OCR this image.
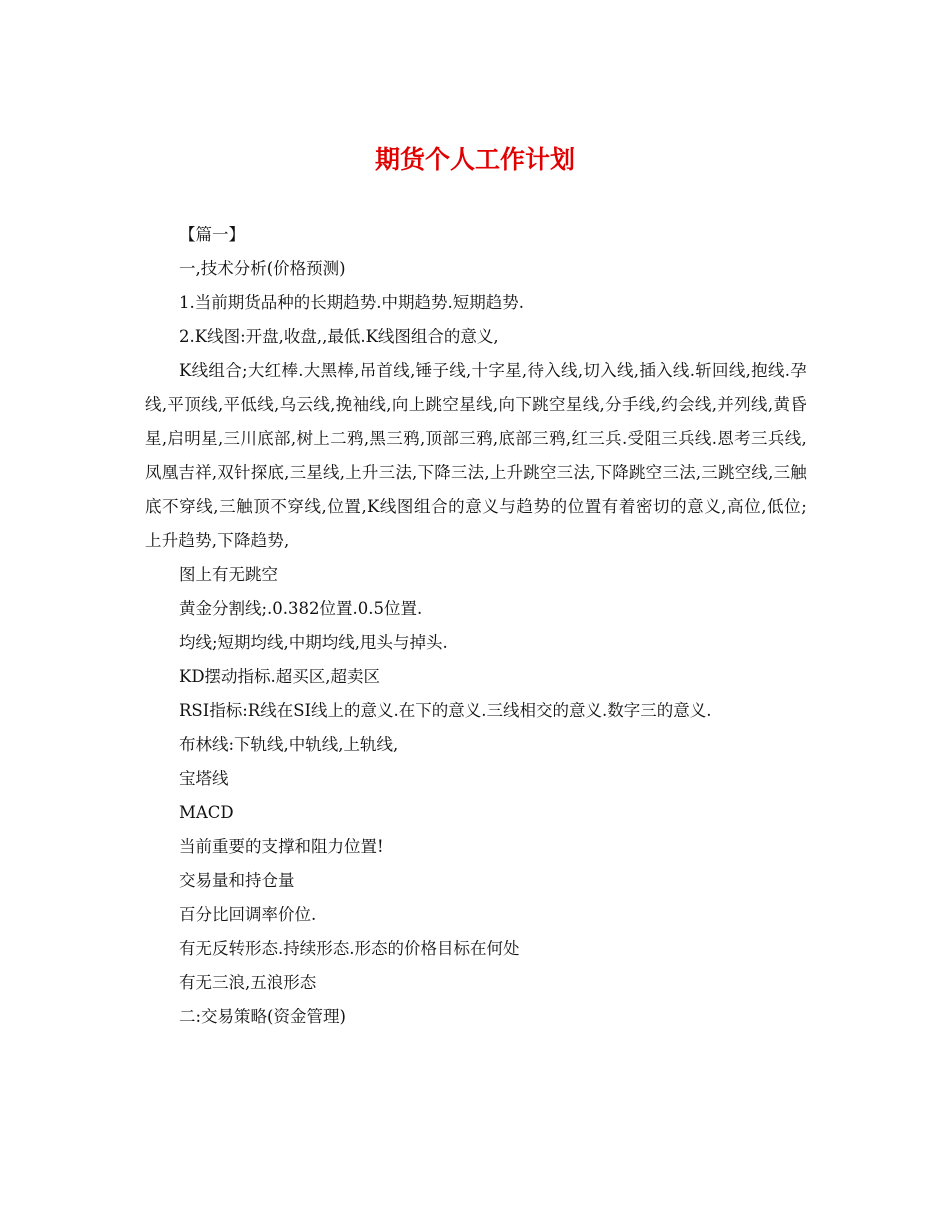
期货个人工作计划

【篇一】

一,技术分析(价格预测)

1.当前期货品种的长期趋势.中期趋势.短期趋势.

2.K线图:开盘,收盘,,最低.K线图组合的意义,

K线组合;大红棒.大黑棒,吊首线,锤子线,十字星,待入线,切入线,插入线.斩回线,抱线.孕线,平顶线,平低线,乌云线,挽袖线,向上跳空星线,向下跳空星线,分手线,约会线,并列线,黄昏星,启明星,三川底部,树上二鸦,黑三鸦,顶部三鸦,底部三鸦,红三兵.受阻三兵线.恩考三兵线,凤凰吉祥,双针探底,三星线,上升三法,下降三法,上升跳空三法,下降跳空三法,三跳空线,三触底不穿线,三触顶不穿线,位置,K线图组合的意义与趋势的位置有着密切的意义,高位,低位;上升趋势,下降趋势,

图上有无跳空

黄金分割线;.0.382位置.0.5位置.

均线;短期均线,中期均线,甩头与掉头.

KD摆动指标.超买区,超卖区

RSI指标:R线在SI线上的意义.在下的意义.三线相交的意义.数字三的意义.

布林线:下轨线,中轨线,上轨线,

宝塔线

MACD

当前重要的支撑和阻力位置!

交易量和持仓量

百分比回调率价位.

有无反转形态.持续形态.形态的价格目标在何处

有无三浪,五浪形态

二:交易策略(资金管理)
